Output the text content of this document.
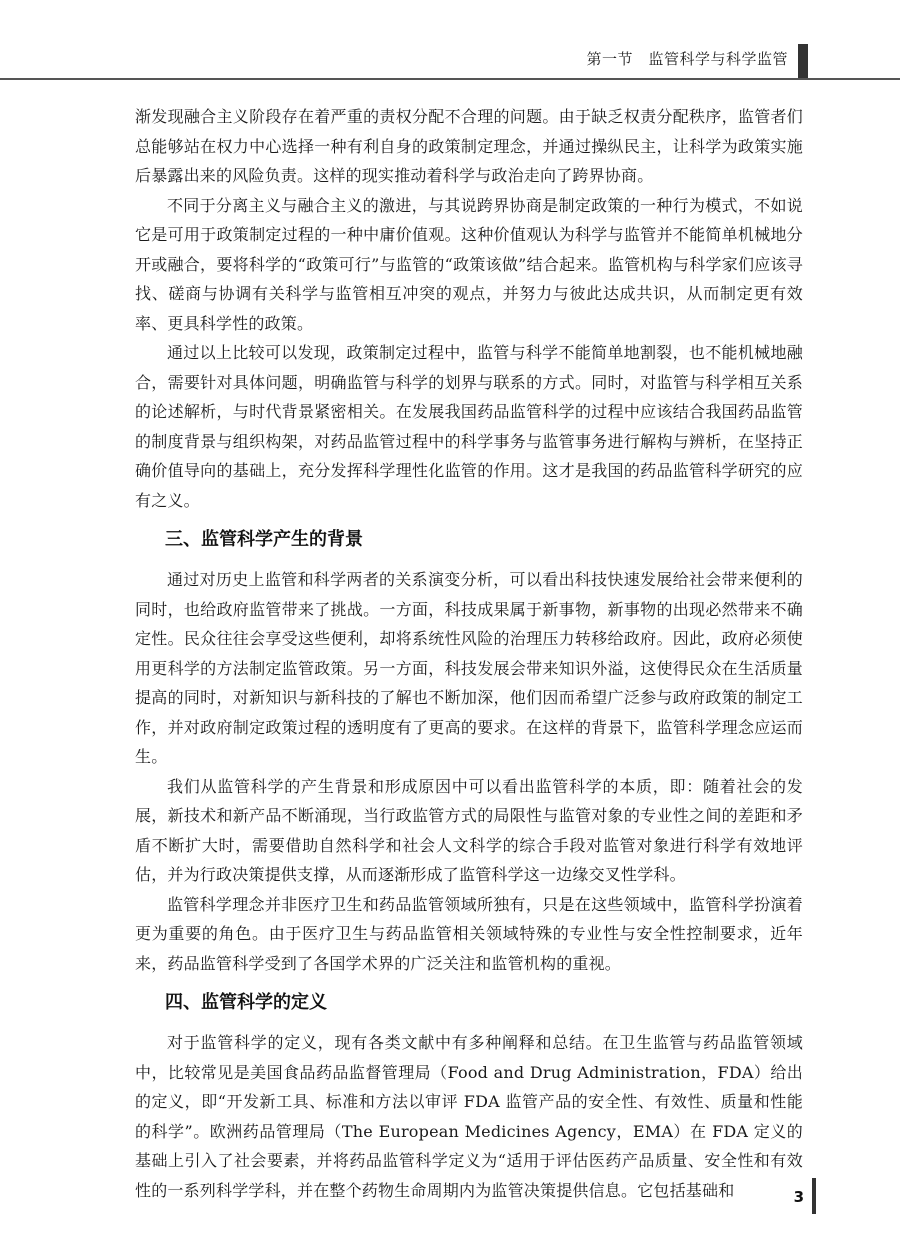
第一节　监管科学与科学监管

渐发现融合主义阶段存在着严重的责权分配不合理的问题。由于缺乏权责分配秩序，监管者们总能够站在权力中心选择一种有利自身的政策制定理念，并通过操纵民主，让科学为政策实施后暴露出来的风险负责。这样的现实推动着科学与政治走向了跨界协商。

不同于分离主义与融合主义的激进，与其说跨界协商是制定政策的一种行为模式，不如说它是可用于政策制定过程的一种中庸价值观。这种价值观认为科学与监管并不能简单机械地分开或融合，要将科学的“政策可行”与监管的“政策该做”结合起来。监管机构与科学家们应该寻找、磋商与协调有关科学与监管相互冲突的观点，并努力与彼此达成共识，从而制定更有效率、更具科学性的政策。

通过以上比较可以发现，政策制定过程中，监管与科学不能简单地割裂，也不能机械地融合，需要针对具体问题，明确监管与科学的划界与联系的方式。同时，对监管与科学相互关系的论述解析，与时代背景紧密相关。在发展我国药品监管科学的过程中应该结合我国药品监管的制度背景与组织构架，对药品监管过程中的科学事务与监管事务进行解构与辨析，在坚持正确价值导向的基础上，充分发挥科学理性化监管的作用。这才是我国的药品监管科学研究的应有之义。

三、监管科学产生的背景

通过对历史上监管和科学两者的关系演变分析，可以看出科技快速发展给社会带来便利的同时，也给政府监管带来了挑战。一方面，科技成果属于新事物，新事物的出现必然带来不确定性。民众往往会享受这些便利，却将系统性风险的治理压力转移给政府。因此，政府必须使用更科学的方法制定监管政策。另一方面，科技发展会带来知识外溢，这使得民众在生活质量提高的同时，对新知识与新科技的了解也不断加深，他们因而希望广泛参与政府政策的制定工作，并对政府制定政策过程的透明度有了更高的要求。在这样的背景下，监管科学理念应运而生。

我们从监管科学的产生背景和形成原因中可以看出监管科学的本质，即：随着社会的发展，新技术和新产品不断涌现，当行政监管方式的局限性与监管对象的专业性之间的差距和矛盾不断扩大时，需要借助自然科学和社会人文科学的综合手段对监管对象进行科学有效地评估，并为行政决策提供支撑，从而逐渐形成了监管科学这一边缘交叉性学科。

监管科学理念并非医疗卫生和药品监管领域所独有，只是在这些领域中，监管科学扮演着更为重要的角色。由于医疗卫生与药品监管相关领域特殊的专业性与安全性控制要求，近年来，药品监管科学受到了各国学术界的广泛关注和监管机构的重视。

四、监管科学的定义

对于监管科学的定义，现有各类文献中有多种阐释和总结。在卫生监管与药品监管领域中，比较常见是美国食品药品监督管理局（Food and Drug Administration，FDA）给出的定义，即“开发新工具、标准和方法以审评 FDA 监管产品的安全性、有效性、质量和性能的科学”。欧洲药品管理局（The European Medicines Agency，EMA）在 FDA 定义的基础上引入了社会要素，并将药品监管科学定义为“适用于评估医药产品质量、安全性和有效性的一系列科学学科，并在整个药物生命周期内为监管决策提供信息。它包括基础和	3
